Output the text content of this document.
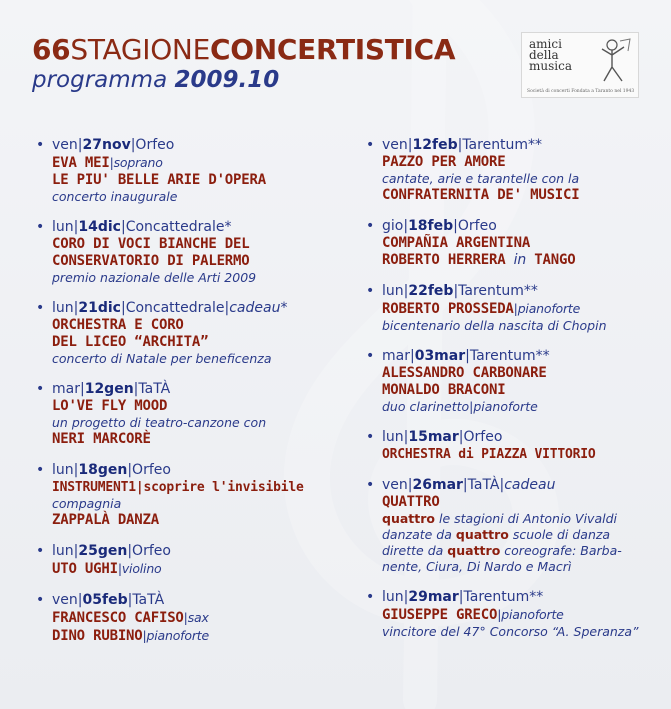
66STAGIONECONCERTISTICA
programma 2009.10
amici
della
musica
Società di concerti Fondata a Taranto nel 1943
• ven|27nov|Orfeo
EVA MEI|soprano
LE PIU' BELLE ARIE D'OPERA
concerto inaugurale
• lun|14dic|Concattedrale*
CORO DI VOCI BIANCHE DEL
CONSERVATORIO DI PALERMO
premio nazionale delle Arti 2009
• lun|21dic|Concattedrale|cadeau*
ORCHESTRA E CORO
DEL LICEO “ARCHITA”
concerto di Natale per beneficenza
• mar|12gen|TaTÀ
LO'VE FLY MOOD
un progetto di teatro-canzone con
NERI MARCORÈ
• lun|18gen|Orfeo
INSTRUMENT1|scoprire l'invisibile
compagnia
ZAPPALÀ DANZA
• lun|25gen|Orfeo
UTO UGHI|violino
• ven|05feb|TaTÀ
FRANCESCO CAFISO|sax
DINO RUBINO|pianoforte
• ven|12feb|Tarentum**
PAZZO PER AMORE
cantate, arie e tarantelle con la
CONFRATERNITA DE' MUSICI
• gio|18feb|Orfeo
COMPAÑIA ARGENTINA
ROBERTO HERRERA in TANGO
• lun|22feb|Tarentum**
ROBERTO PROSSEDA|pianoforte
bicentenario della nascita di Chopin
• mar|03mar|Tarentum**
ALESSANDRO CARBONARE
MONALDO BRACONI
duo clarinetto|pianoforte
• lun|15mar|Orfeo
ORCHESTRA di PIAZZA VITTORIO
• ven|26mar|TaTÀ|cadeau
QUATTRO
quattro le stagioni di Antonio Vivaldi
danzate da quattro scuole di danza
dirette da quattro coreografe: Barba-
nente, Ciura, Di Nardo e Macrì
• lun|29mar|Tarentum**
GIUSEPPE GRECO|pianoforte
vincitore del 47° Concorso “A. Speranza”
